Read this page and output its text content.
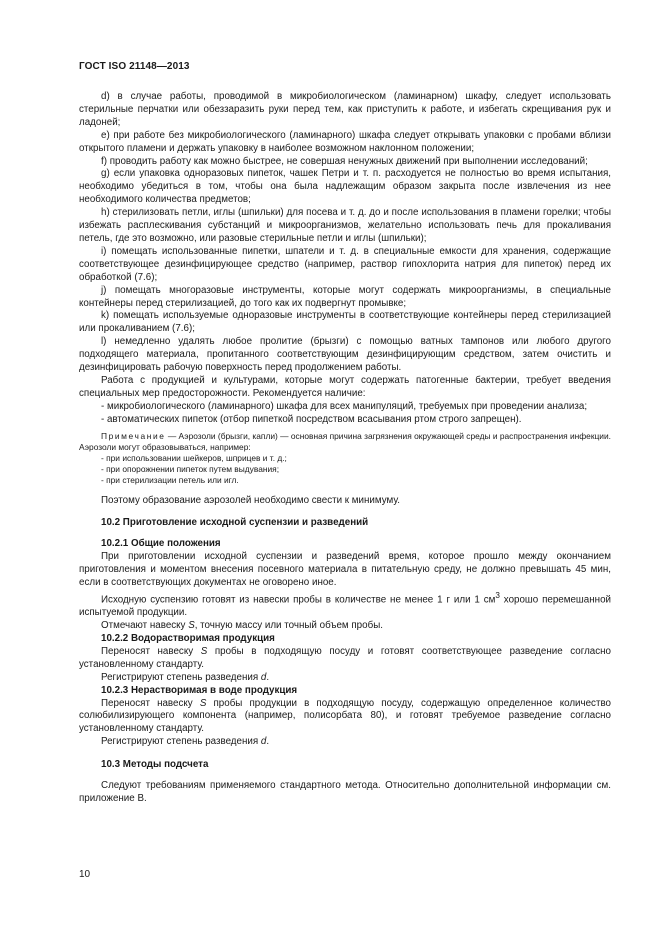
ГОСТ ISO 21148—2013

d) в случае работы, проводимой в микробиологическом (ламинарном) шкафу, следует использовать стерильные перчатки или обеззаразить руки перед тем, как приступить к работе, и избегать скрещивания рук и ладоней;

e) при работе без микробиологического (ламинарного) шкафа следует открывать упаковки с пробами вблизи открытого пламени и держать упаковку в наиболее возможном наклонном положении;

f) проводить работу как можно быстрее, не совершая ненужных движений при выполнении исследований;

g) если упаковка одноразовых пипеток, чашек Петри и т. п. расходуется не полностью во время испытания, необходимо убедиться в том, чтобы она была надлежащим образом закрыта после извлечения из нее необходимого количества предметов;

h) стерилизовать петли, иглы (шпильки) для посева и т. д. до и после использования в пламени горелки; чтобы избежать расплескивания субстанций и микроорганизмов, желательно использовать печь для прокаливания петель, где это возможно, или разовые стерильные петли и иглы (шпильки);

i) помещать использованные пипетки, шпатели и т. д. в специальные емкости для хранения, содержащие соответствующее дезинфицирующее средство (например, раствор гипохлорита натрия для пипеток) перед их обработкой (7.6);

j) помещать многоразовые инструменты, которые могут содержать микроорганизмы, в специальные контейнеры перед стерилизацией, до того как их подвергнут промывке;

k) помещать используемые одноразовые инструменты в соответствующие контейнеры перед стерилизацией или прокаливанием (7.6);

l) немедленно удалять любое пролитие (брызги) с помощью ватных тампонов или любого другого подходящего материала, пропитанного соответствующим дезинфицирующим средством, затем очистить и дезинфицировать рабочую поверхность перед продолжением работы.

Работа с продукцией и культурами, которые могут содержать патогенные бактерии, требует введения специальных мер предосторожности. Рекомендуется наличие:

- микробиологического (ламинарного) шкафа для всех манипуляций, требуемых при проведении анализа;

- автоматических пипеток (отбор пипеткой посредством всасывания ртом строго запрещен).

Примечание — Аэрозоли (брызги, капли) — основная причина загрязнения окружающей среды и распространения инфекции. Аэрозоли могут образовываться, например:

- при использовании шейкеров, шприцев и т. д.;

- при опорожнении пипеток путем выдувания;

- при стерилизации петель или игл.

Поэтому образование аэрозолей необходимо свести к минимуму.

10.2 Приготовление исходной суспензии и разведений

10.2.1 Общие положения

При приготовлении исходной суспензии и разведений время, которое прошло между окончанием приготовления и моментом внесения посевного материала в питательную среду, не должно превышать 45 мин, если в соответствующих документах не оговорено иное.

Исходную суспензию готовят из навески пробы в количестве не менее 1 г или 1 $см^3$ хорошо перемешанной испытуемой продукции.

Отмечают навеску S, точную массу или точный объем пробы.

10.2.2 Водорастворимая продукция

Переносят навеску S пробы в подходящую посуду и готовят соответствующее разведение согласно установленному стандарту.

Регистрируют степень разведения d.

10.2.3 Нерастворимая в воде продукция

Переносят навеску S пробы продукции в подходящую посуду, содержащую определенное количество солюбилизирующего компонента (например, полисорбата 80), и готовят требуемое разведение согласно установленному стандарту.

Регистрируют степень разведения d.

10.3 Методы подсчета

Следуют требованиям применяемого стандартного метода. Относительно дополнительной информации см. приложение В.

10
